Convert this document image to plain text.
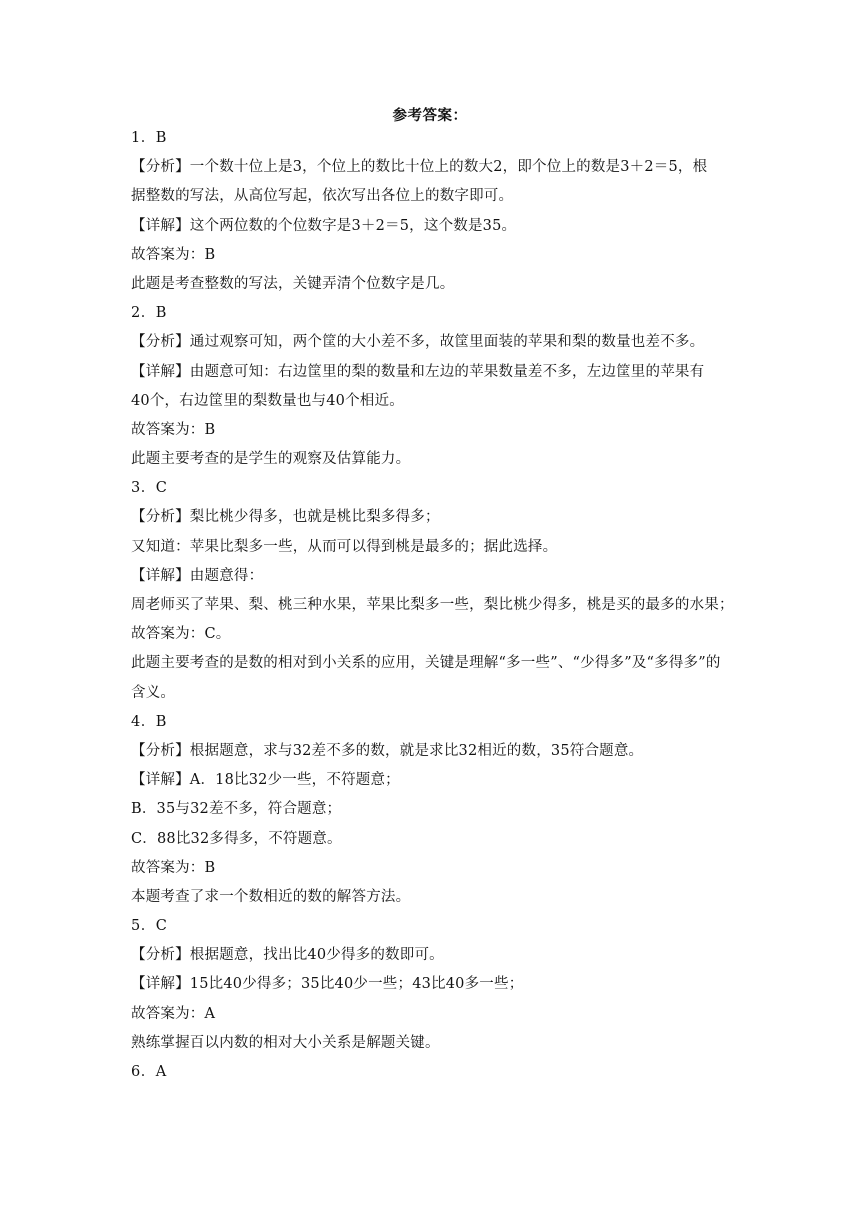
参考答案：
1．B
【分析】一个数十位上是3，个位上的数比十位上的数大2，即个位上的数是3＋2＝5，根
据整数的写法，从高位写起，依次写出各位上的数字即可。
【详解】这个两位数的个位数字是3＋2＝5，这个数是35。
故答案为：B
此题是考查整数的写法，关键弄清个位数字是几。
2．B
【分析】通过观察可知，两个筐的大小差不多，故筐里面装的苹果和梨的数量也差不多。
【详解】由题意可知：右边筐里的梨的数量和左边的苹果数量差不多，左边筐里的苹果有
40个，右边筐里的梨数量也与40个相近。
故答案为：B
此题主要考查的是学生的观察及估算能力。
3．C
【分析】梨比桃少得多，也就是桃比梨多得多；
又知道：苹果比梨多一些，从而可以得到桃是最多的；据此选择。
【详解】由题意得：
周老师买了苹果、梨、桃三种水果，苹果比梨多一些，梨比桃少得多，桃是买的最多的水果；
故答案为：C。
此题主要考查的是数的相对到小关系的应用，关键是理解“多一些”、“少得多”及“多得多”的
含义。
4．B
【分析】根据题意，求与32差不多的数，就是求比32相近的数，35符合题意。
【详解】A．18比32少一些，不符题意；
B．35与32差不多，符合题意；
C．88比32多得多，不符题意。
故答案为：B
本题考查了求一个数相近的数的解答方法。
5．C
【分析】根据题意，找出比40少得多的数即可。
【详解】15比40少得多；35比40少一些；43比40多一些；
故答案为：A
熟练掌握百以内数的相对大小关系是解题关键。
6．A
